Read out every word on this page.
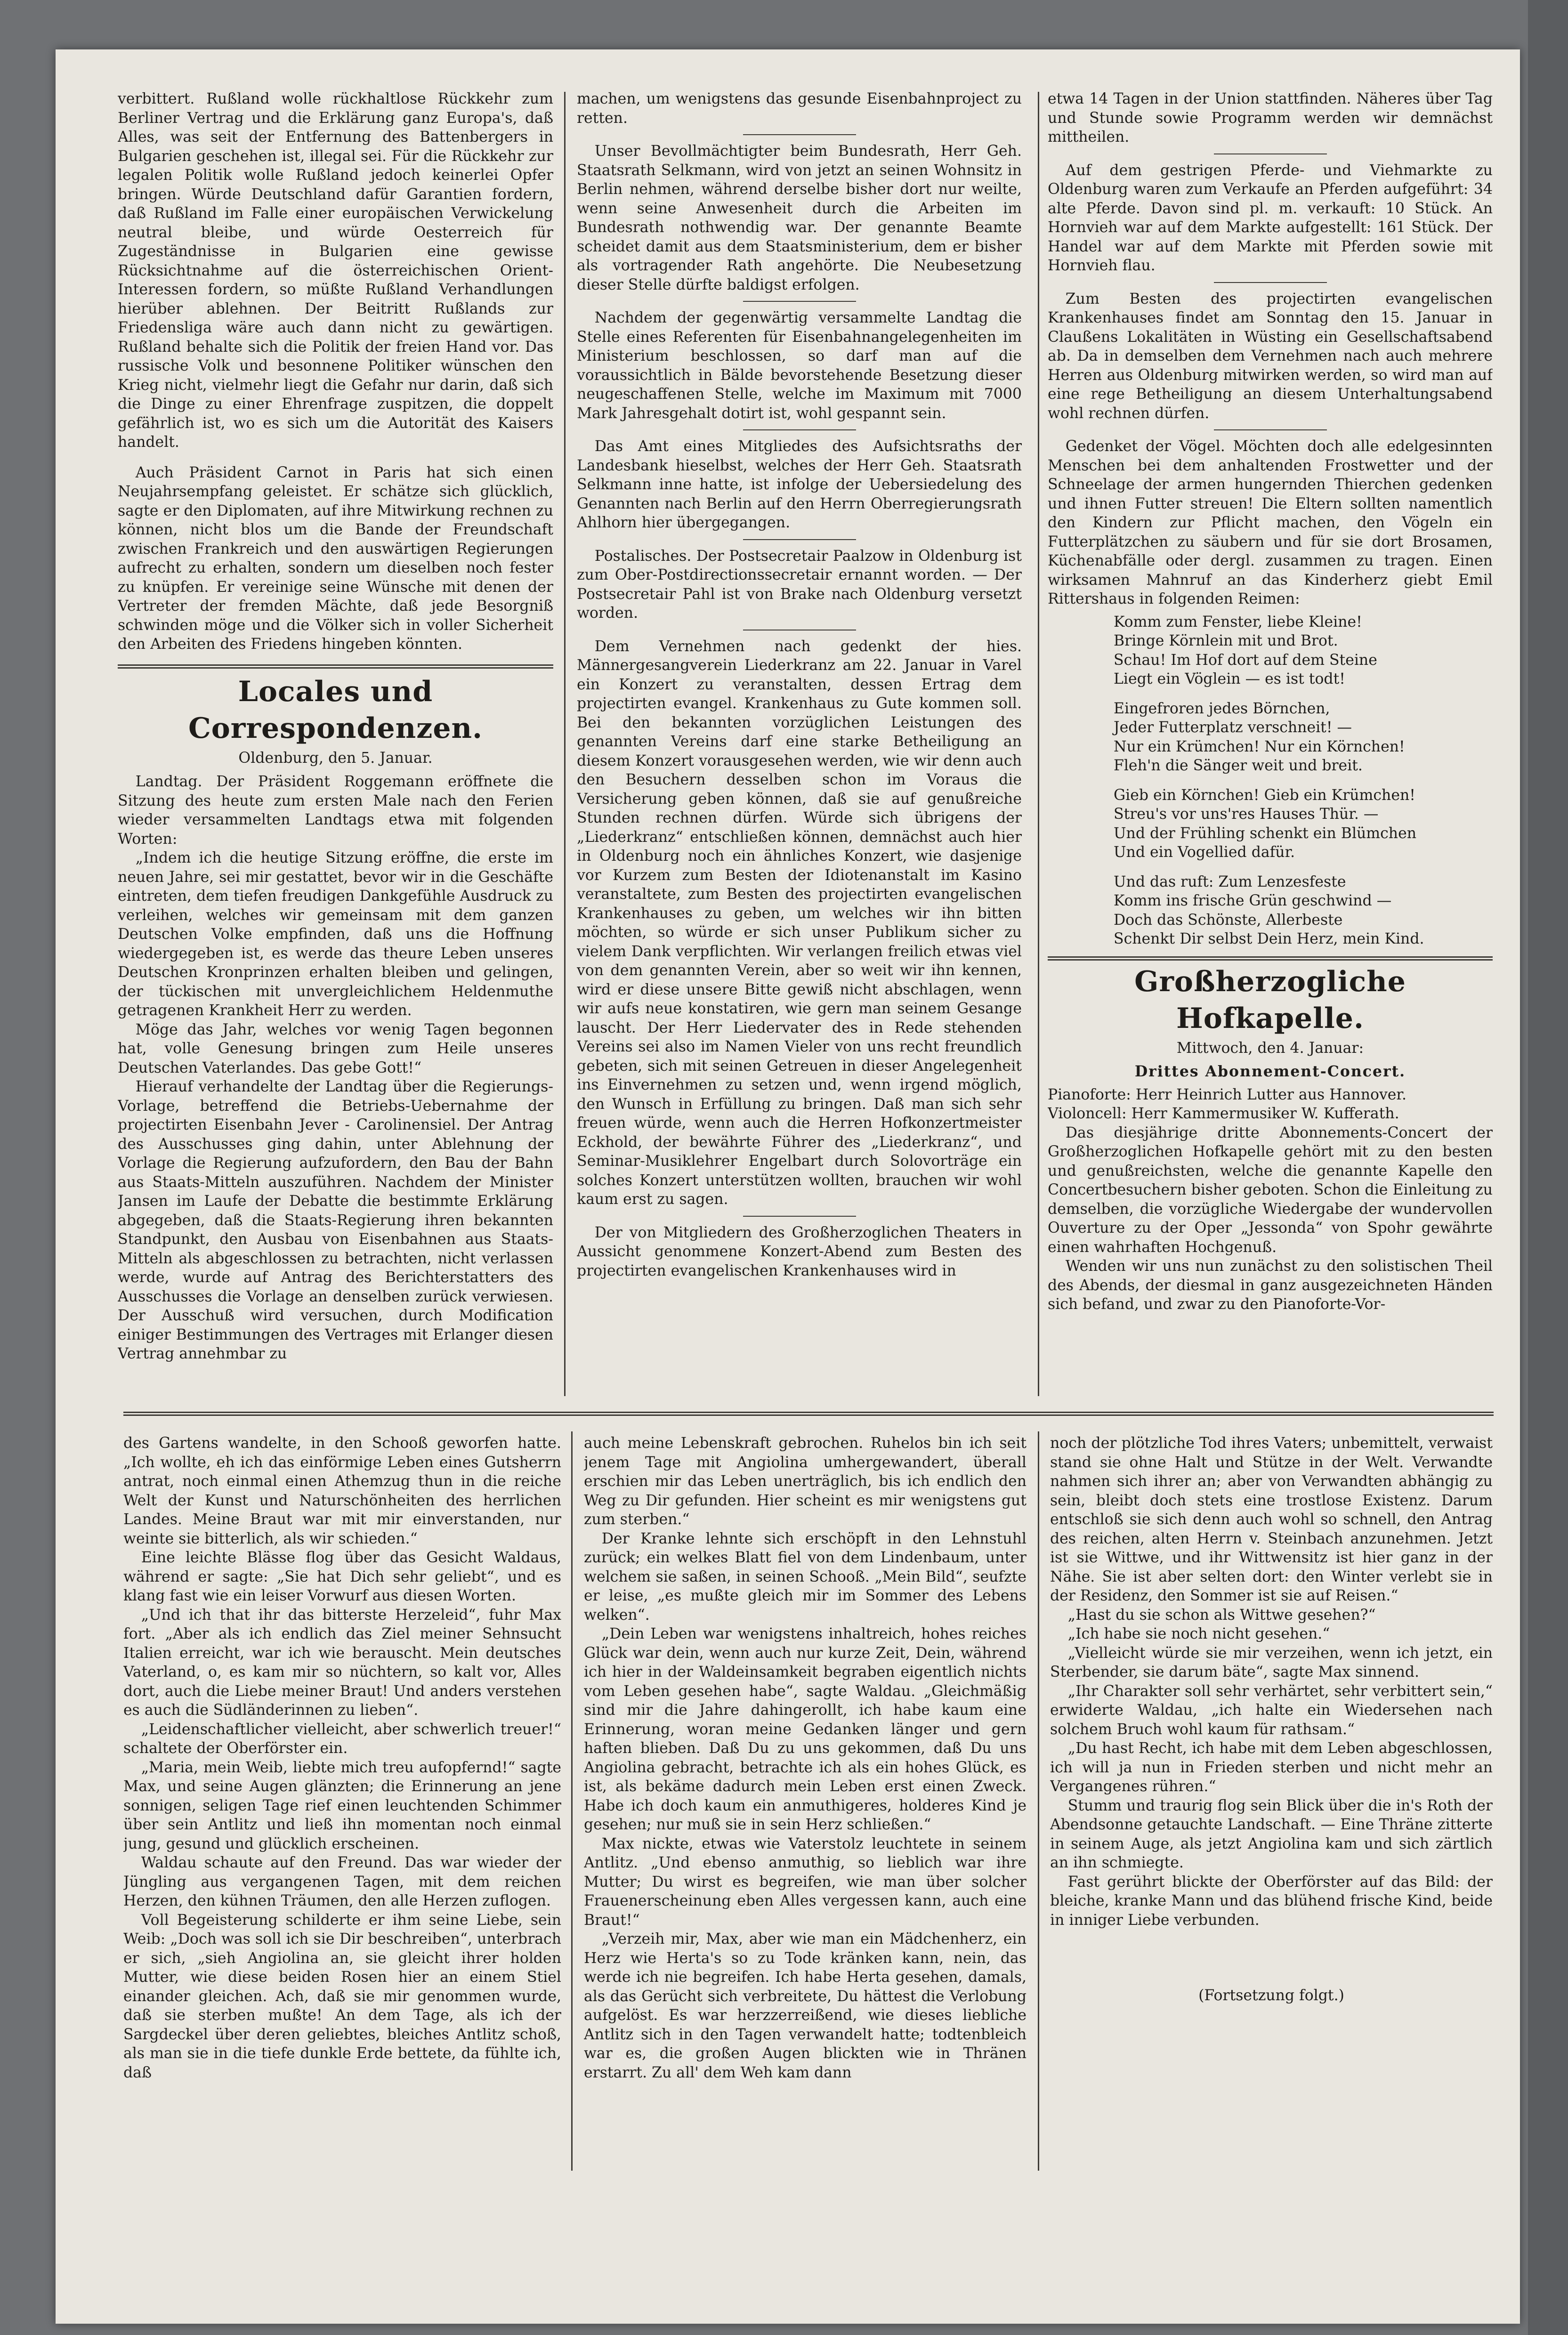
verbittert. Rußland wolle rückhaltlose Rückkehr zum Berliner Vertrag und die Erklärung ganz Europa's, daß Alles, was seit der Entfernung des Battenbergers in Bulgarien geschehen ist, illegal sei. Für die Rückkehr zur legalen Politik wolle Rußland jedoch keinerlei Opfer bringen. Würde Deutschland dafür Garantien fordern, daß Rußland im Falle einer europäischen Verwickelung neutral bleibe, und würde Oesterreich für Zugeständnisse in Bulgarien eine gewisse Rücksichtnahme auf die österreichischen Orient-Interessen fordern, so müßte Rußland Verhandlungen hierüber ablehnen. Der Beitritt Rußlands zur Friedensliga wäre auch dann nicht zu gewärtigen. Rußland behalte sich die Politik der freien Hand vor. Das russische Volk und besonnene Politiker wünschen den Krieg nicht, vielmehr liegt die Gefahr nur darin, daß sich die Dinge zu einer Ehrenfrage zuspitzen, die doppelt gefährlich ist, wo es sich um die Autorität des Kaisers handelt.

Auch Präsident Carnot in Paris hat sich einen Neujahrsempfang geleistet. Er schätze sich glücklich, sagte er den Diplomaten, auf ihre Mitwirkung rechnen zu können, nicht blos um die Bande der Freundschaft zwischen Frankreich und den auswärtigen Regierungen aufrecht zu erhalten, sondern um dieselben noch fester zu knüpfen. Er vereinige seine Wünsche mit denen der Vertreter der fremden Mächte, daß jede Besorgniß schwinden möge und die Völker sich in voller Sicherheit den Arbeiten des Friedens hingeben könnten.

Locales und Correspondenzen.
Oldenburg, den 5. Januar.

Landtag. Der Präsident Roggemann eröffnete die Sitzung des heute zum ersten Male nach den Ferien wieder versammelten Landtags etwa mit folgenden Worten:

„Indem ich die heutige Sitzung eröffne, die erste im neuen Jahre, sei mir gestattet, bevor wir in die Geschäfte eintreten, dem tiefen freudigen Dankgefühle Ausdruck zu verleihen, welches wir gemeinsam mit dem ganzen Deutschen Volke empfinden, daß uns die Hoffnung wiedergegeben ist, es werde das theure Leben unseres Deutschen Kronprinzen erhalten bleiben und gelingen, der tückischen mit unvergleichlichem Heldenmuthe getragenen Krankheit Herr zu werden.

Möge das Jahr, welches vor wenig Tagen begonnen hat, volle Genesung bringen zum Heile unseres Deutschen Vaterlandes. Das gebe Gott!“

Hierauf verhandelte der Landtag über die Regierungs-Vorlage, betreffend die Betriebs-Uebernahme der projectirten Eisenbahn Jever - Carolinensiel. Der Antrag des Ausschusses ging dahin, unter Ablehnung der Vorlage die Regierung aufzufordern, den Bau der Bahn aus Staats-Mitteln auszuführen. Nachdem der Minister Jansen im Laufe der Debatte die bestimmte Erklärung abgegeben, daß die Staats-Regierung ihren bekannten Standpunkt, den Ausbau von Eisenbahnen aus Staats-Mitteln als abgeschlossen zu betrachten, nicht verlassen werde, wurde auf Antrag des Berichterstatters des Ausschusses die Vorlage an denselben zurück verwiesen. Der Ausschuß wird versuchen, durch Modification einiger Bestimmungen des Vertrages mit Erlanger diesen Vertrag annehmbar zu

machen, um wenigstens das gesunde Eisenbahnproject zu retten.

Unser Bevollmächtigter beim Bundesrath, Herr Geh. Staatsrath Selkmann, wird von jetzt an seinen Wohnsitz in Berlin nehmen, während derselbe bisher dort nur weilte, wenn seine Anwesenheit durch die Arbeiten im Bundesrath nothwendig war. Der genannte Beamte scheidet damit aus dem Staatsministerium, dem er bisher als vortragender Rath angehörte. Die Neubesetzung dieser Stelle dürfte baldigst erfolgen.

Nachdem der gegenwärtig versammelte Landtag die Stelle eines Referenten für Eisenbahnangelegenheiten im Ministerium beschlossen, so darf man auf die voraussichtlich in Bälde bevorstehende Besetzung dieser neugeschaffenen Stelle, welche im Maximum mit 7000 Mark Jahresgehalt dotirt ist, wohl gespannt sein.

Das Amt eines Mitgliedes des Aufsichtsraths der Landesbank hieselbst, welches der Herr Geh. Staatsrath Selkmann inne hatte, ist infolge der Uebersiedelung des Genannten nach Berlin auf den Herrn Oberregierungsrath Ahlhorn hier übergegangen.

Postalisches. Der Postsecretair Paalzow in Oldenburg ist zum Ober-Postdirectionssecretair ernannt worden. — Der Postsecretair Pahl ist von Brake nach Oldenburg versetzt worden.

Dem Vernehmen nach gedenkt der hies. Männergesangverein Liederkranz am 22. Januar in Varel ein Konzert zu veranstalten, dessen Ertrag dem projectirten evangel. Krankenhaus zu Gute kommen soll. Bei den bekannten vorzüglichen Leistungen des genannten Vereins darf eine starke Betheiligung an diesem Konzert vorausgesehen werden, wie wir denn auch den Besuchern desselben schon im Voraus die Versicherung geben können, daß sie auf genußreiche Stunden rechnen dürfen. Würde sich übrigens der „Liederkranz“ entschließen können, demnächst auch hier in Oldenburg noch ein ähnliches Konzert, wie dasjenige vor Kurzem zum Besten der Idiotenanstalt im Kasino veranstaltete, zum Besten des projectirten evangelischen Krankenhauses zu geben, um welches wir ihn bitten möchten, so würde er sich unser Publikum sicher zu vielem Dank verpflichten. Wir verlangen freilich etwas viel von dem genannten Verein, aber so weit wir ihn kennen, wird er diese unsere Bitte gewiß nicht abschlagen, wenn wir aufs neue konstatiren, wie gern man seinem Gesange lauscht. Der Herr Liedervater des in Rede stehenden Vereins sei also im Namen Vieler von uns recht freundlich gebeten, sich mit seinen Getreuen in dieser Angelegenheit ins Einvernehmen zu setzen und, wenn irgend möglich, den Wunsch in Erfüllung zu bringen. Daß man sich sehr freuen würde, wenn auch die Herren Hofkonzertmeister Eckhold, der bewährte Führer des „Liederkranz“, und Seminar-Musiklehrer Engelbart durch Solovorträge ein solches Konzert unterstützen wollten, brauchen wir wohl kaum erst zu sagen.

Der von Mitgliedern des Großherzoglichen Theaters in Aussicht genommene Konzert-Abend zum Besten des projectirten evangelischen Krankenhauses wird in

etwa 14 Tagen in der Union stattfinden. Näheres über Tag und Stunde sowie Programm werden wir demnächst mittheilen.

Auf dem gestrigen Pferde- und Viehmarkte zu Oldenburg waren zum Verkaufe an Pferden aufgeführt: 34 alte Pferde. Davon sind pl. m. verkauft: 10 Stück. An Hornvieh war auf dem Markte aufgestellt: 161 Stück. Der Handel war auf dem Markte mit Pferden sowie mit Hornvieh flau.

Zum Besten des projectirten evangelischen Krankenhauses findet am Sonntag den 15. Januar in Claußens Lokalitäten in Wüsting ein Gesellschaftsabend ab. Da in demselben dem Vernehmen nach auch mehrere Herren aus Oldenburg mitwirken werden, so wird man auf eine rege Betheiligung an diesem Unterhaltungsabend wohl rechnen dürfen.

Gedenket der Vögel. Möchten doch alle edelgesinnten Menschen bei dem anhaltenden Frostwetter und der Schneelage der armen hungernden Thierchen gedenken und ihnen Futter streuen! Die Eltern sollten namentlich den Kindern zur Pflicht machen, den Vögeln ein Futterplätzchen zu säubern und für sie dort Brosamen, Küchenabfälle oder dergl. zusammen zu tragen. Einen wirksamen Mahnruf an das Kinderherz giebt Emil Rittershaus in folgenden Reimen:

Komm zum Fenster, liebe Kleine!
Bringe Körnlein mit und Brot.
Schau! Im Hof dort auf dem Steine
Liegt ein Vöglein — es ist todt!
Eingefroren jedes Börnchen,
Jeder Futterplatz verschneit! —
Nur ein Krümchen! Nur ein Körnchen!
Fleh'n die Sänger weit und breit.
Gieb ein Körnchen! Gieb ein Krümchen!
Streu's vor uns'res Hauses Thür. —
Und der Frühling schenkt ein Blümchen
Und ein Vogellied dafür.
Und das ruft: Zum Lenzesfeste
Komm ins frische Grün geschwind —
Doch das Schönste, Allerbeste
Schenkt Dir selbst Dein Herz, mein Kind.
Großherzogliche Hofkapelle.
Mittwoch, den 4. Januar:
Drittes Abonnement-Concert.

Pianoforte: Herr Heinrich Lutter aus Hannover.

Violoncell: Herr Kammermusiker W. Kufferath.

Das diesjährige dritte Abonnements-Concert der Großherzoglichen Hofkapelle gehört mit zu den besten und genußreichsten, welche die genannte Kapelle den Concertbesuchern bisher geboten. Schon die Einleitung zu demselben, die vorzügliche Wiedergabe der wundervollen Ouverture zu der Oper „Jessonda“ von Spohr gewährte einen wahrhaften Hochgenuß.

Wenden wir uns nun zunächst zu den solistischen Theil des Abends, der diesmal in ganz ausgezeichneten Händen sich befand, und zwar zu den Pianoforte-Vor-

des Gartens wandelte, in den Schooß geworfen hatte. „Ich wollte, eh ich das einförmige Leben eines Gutsherrn antrat, noch einmal einen Athemzug thun in die reiche Welt der Kunst und Naturschönheiten des herrlichen Landes. Meine Braut war mit mir einverstanden, nur weinte sie bitterlich, als wir schieden.“

Eine leichte Blässe flog über das Gesicht Waldaus, während er sagte: „Sie hat Dich sehr geliebt“, und es klang fast wie ein leiser Vorwurf aus diesen Worten.

„Und ich that ihr das bitterste Herzeleid“, fuhr Max fort. „Aber als ich endlich das Ziel meiner Sehnsucht Italien erreicht, war ich wie berauscht. Mein deutsches Vaterland, o, es kam mir so nüchtern, so kalt vor, Alles dort, auch die Liebe meiner Braut! Und anders verstehen es auch die Südländerinnen zu lieben“.

„Leidenschaftlicher vielleicht, aber schwerlich treuer!“ schaltete der Oberförster ein.

„Maria, mein Weib, liebte mich treu aufopfernd!“ sagte Max, und seine Augen glänzten; die Erinnerung an jene sonnigen, seligen Tage rief einen leuchtenden Schimmer über sein Antlitz und ließ ihn momentan noch einmal jung, gesund und glücklich erscheinen.

Waldau schaute auf den Freund. Das war wieder der Jüngling aus vergangenen Tagen, mit dem reichen Herzen, den kühnen Träumen, den alle Herzen zuflogen.

Voll Begeisterung schilderte er ihm seine Liebe, sein Weib: „Doch was soll ich sie Dir beschreiben“, unterbrach er sich, „sieh Angiolina an, sie gleicht ihrer holden Mutter, wie diese beiden Rosen hier an einem Stiel einander gleichen. Ach, daß sie mir genommen wurde, daß sie sterben mußte! An dem Tage, als ich der Sargdeckel über deren geliebtes, bleiches Antlitz schoß, als man sie in die tiefe dunkle Erde bettete, da fühlte ich, daß

auch meine Lebenskraft gebrochen. Ruhelos bin ich seit jenem Tage mit Angiolina umhergewandert, überall erschien mir das Leben unerträglich, bis ich endlich den Weg zu Dir gefunden. Hier scheint es mir wenigstens gut zum sterben.“

Der Kranke lehnte sich erschöpft in den Lehnstuhl zurück; ein welkes Blatt fiel von dem Lindenbaum, unter welchem sie saßen, in seinen Schooß. „Mein Bild“, seufzte er leise, „es mußte gleich mir im Sommer des Lebens welken“.

„Dein Leben war wenigstens inhaltreich, hohes reiches Glück war dein, wenn auch nur kurze Zeit, Dein, während ich hier in der Waldeinsamkeit begraben eigentlich nichts vom Leben gesehen habe“, sagte Waldau. „Gleichmäßig sind mir die Jahre dahingerollt, ich habe kaum eine Erinnerung, woran meine Gedanken länger und gern haften blieben. Daß Du zu uns gekommen, daß Du uns Angiolina gebracht, betrachte ich als ein hohes Glück, es ist, als bekäme dadurch mein Leben erst einen Zweck. Habe ich doch kaum ein anmuthigeres, holderes Kind je gesehen; nur muß sie in sein Herz schließen.“

Max nickte, etwas wie Vaterstolz leuchtete in seinem Antlitz. „Und ebenso anmuthig, so lieblich war ihre Mutter; Du wirst es begreifen, wie man über solcher Frauenerscheinung eben Alles vergessen kann, auch eine Braut!“

„Verzeih mir, Max, aber wie man ein Mädchenherz, ein Herz wie Herta's so zu Tode kränken kann, nein, das werde ich nie begreifen. Ich habe Herta gesehen, damals, als das Gerücht sich verbreitete, Du hättest die Verlobung aufgelöst. Es war herzzerreißend, wie dieses liebliche Antlitz sich in den Tagen verwandelt hatte; todtenbleich war es, die großen Augen blickten wie in Thränen erstarrt. Zu all' dem Weh kam dann

noch der plötzliche Tod ihres Vaters; unbemittelt, verwaist stand sie ohne Halt und Stütze in der Welt. Verwandte nahmen sich ihrer an; aber von Verwandten abhängig zu sein, bleibt doch stets eine trostlose Existenz. Darum entschloß sie sich denn auch wohl so schnell, den Antrag des reichen, alten Herrn v. Steinbach anzunehmen. Jetzt ist sie Wittwe, und ihr Wittwensitz ist hier ganz in der Nähe. Sie ist aber selten dort: den Winter verlebt sie in der Residenz, den Sommer ist sie auf Reisen.“

„Hast du sie schon als Wittwe gesehen?“

„Ich habe sie noch nicht gesehen.“

„Vielleicht würde sie mir verzeihen, wenn ich jetzt, ein Sterbender, sie darum bäte“, sagte Max sinnend.

„Ihr Charakter soll sehr verhärtet, sehr verbittert sein,“ erwiderte Waldau, „ich halte ein Wiedersehen nach solchem Bruch wohl kaum für rathsam.“

„Du hast Recht, ich habe mit dem Leben abgeschlossen, ich will ja nun in Frieden sterben und nicht mehr an Vergangenes rühren.“

Stumm und traurig flog sein Blick über die in's Roth der Abendsonne getauchte Landschaft. — Eine Thräne zitterte in seinem Auge, als jetzt Angiolina kam und sich zärtlich an ihn schmiegte.

Fast gerührt blickte der Oberförster auf das Bild: der bleiche, kranke Mann und das blühend frische Kind, beide in inniger Liebe verbunden.

(Fortsetzung folgt.)
